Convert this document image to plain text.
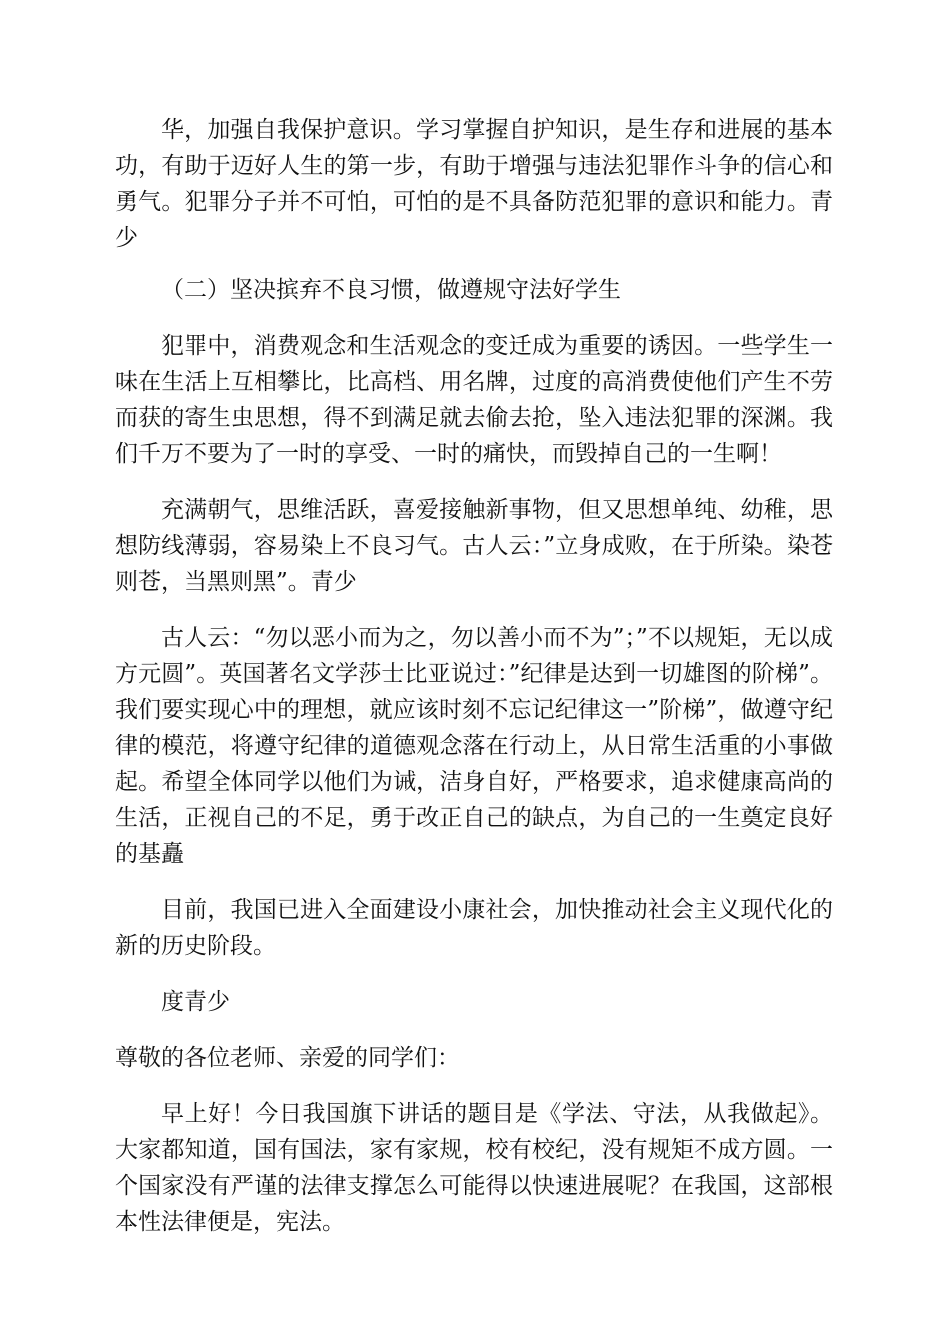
华，加强自我保护意识。学习掌握自护知识，是生存和进展的基本功，有助于迈好人生的第一步，有助于增强与违法犯罪作斗争的信心和勇气。犯罪分子并不可怕，可怕的是不具备防范犯罪的意识和能力。青少

（二）坚决摈弃不良习惯，做遵规守法好学生

犯罪中，消费观念和生活观念的变迁成为重要的诱因。一些学生一味在生活上互相攀比，比高档、用名牌，过度的高消费使他们产生不劳而获的寄生虫思想，得不到满足就去偷去抢，坠入违法犯罪的深渊。我们千万不要为了一时的享受、一时的痛快，而毁掉自己的一生啊！

充满朝气，思维活跃，喜爱接触新事物，但又思想单纯、幼稚，思想防线薄弱，容易染上不良习气。古人云：”立身成败，在于所染。染苍则苍，当黑则黑”。青少

古人云：“勿以恶小而为之，勿以善小而不为”；”不以规矩，无以成方元圆”。英国著名文学莎士比亚说过：”纪律是达到一切雄图的阶梯”。我们要实现心中的理想，就应该时刻不忘记纪律这一”阶梯”，做遵守纪律的模范，将遵守纪律的道德观念落在行动上，从日常生活重的小事做起。希望全体同学以他们为诫，洁身自好，严格要求，追求健康高尚的生活，正视自己的不足，勇于改正自己的缺点，为自己的一生奠定良好的基矗

目前，我国已进入全面建设小康社会，加快推动社会主义现代化的新的历史阶段。

度青少

尊敬的各位老师、亲爱的同学们：

早上好！今日我国旗下讲话的题目是《学法、守法，从我做起》。大家都知道，国有国法，家有家规，校有校纪，没有规矩不成方圆。一个国家没有严谨的法律支撑怎么可能得以快速进展呢？在我国，这部根本性法律便是，宪法。
